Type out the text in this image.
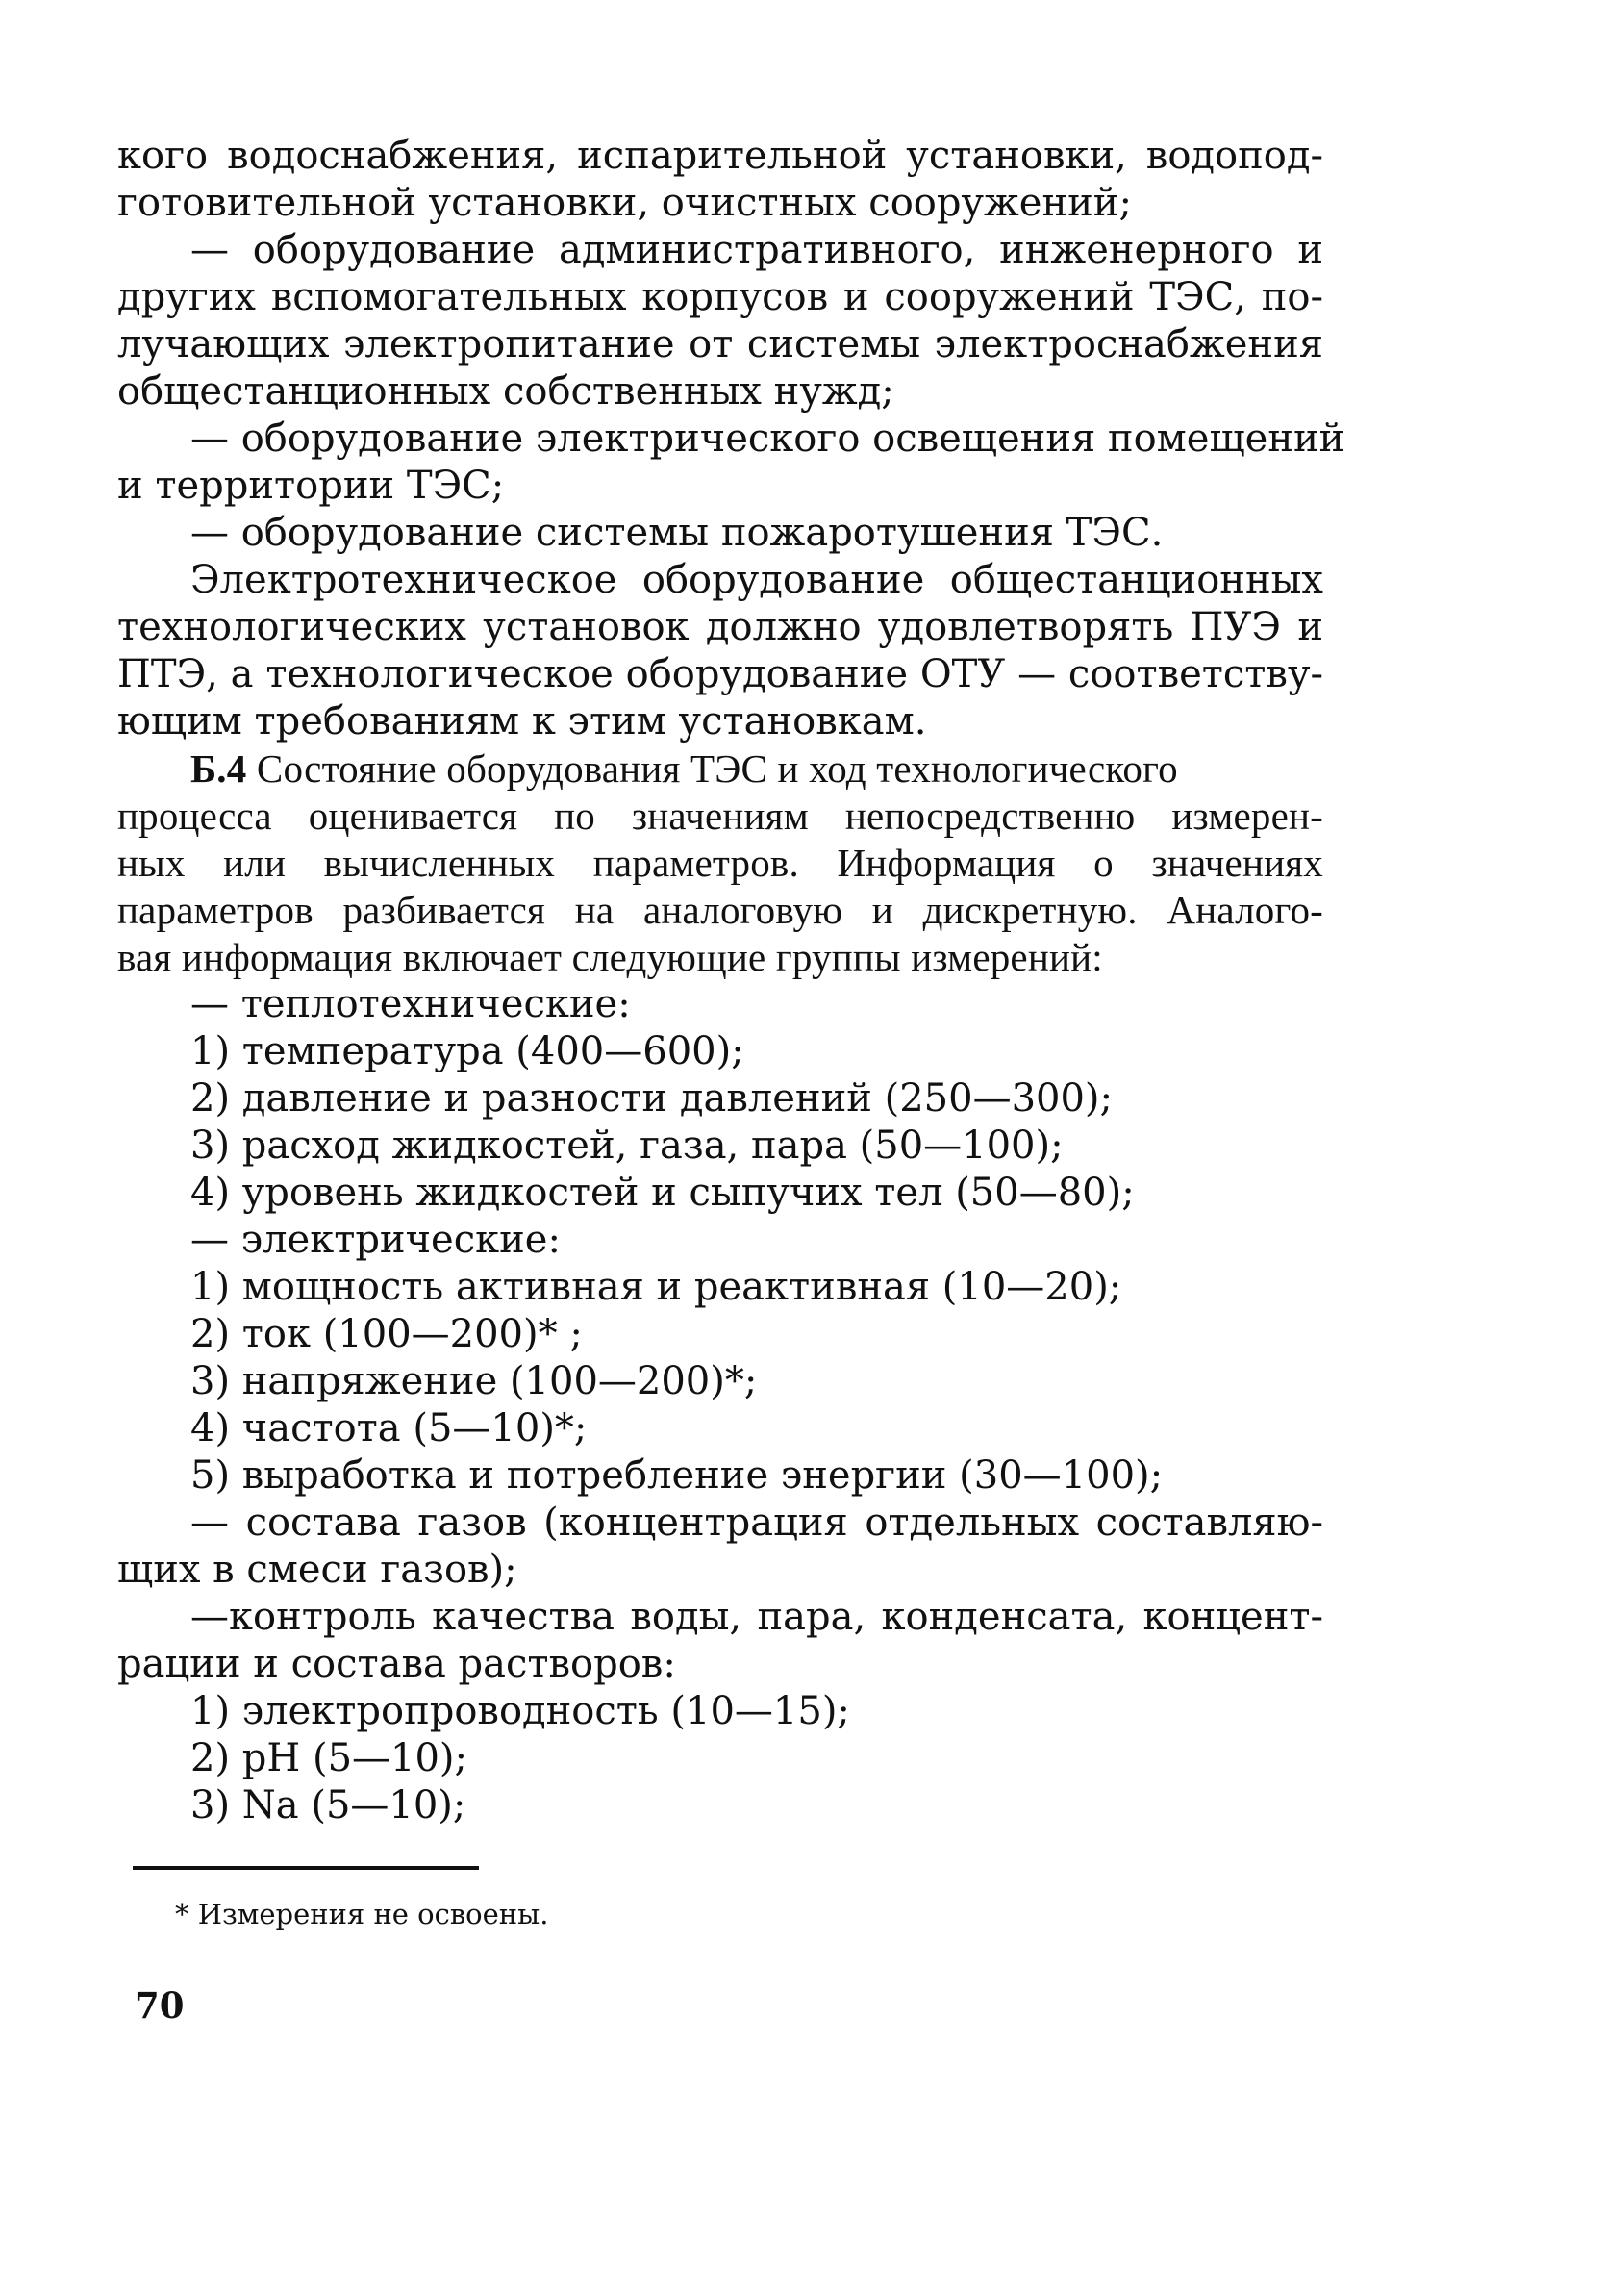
кого водоснабжения, испарительной установки, водопод-
готовительной установки, очистных сооружений;
— оборудование административного, инженерного и
других вспомогательных корпусов и сооружений ТЭС, по-
лучающих электропитание от системы электроснабжения
общестанционных собственных нужд;
— оборудование электрического освещения помещений
и территории ТЭС;
— оборудование системы пожаротушения ТЭС.
Электротехническое оборудование общестанционных
технологических установок должно удовлетворять ПУЭ и
ПТЭ, а технологическое оборудование ОТУ — соответству-
ющим требованиям к этим установкам.
Б.4 Состояние оборудования ТЭС и ход технологического
процесса оценивается по значениям непосредственно измерен-
ных или вычисленных параметров. Информация о значениях
параметров разбивается на аналоговую и дискретную. Аналого-
вая информация включает следующие группы измерений:
— теплотехнические:
1) температура (400—600);
2) давление и разности давлений (250—300);
3) расход жидкостей, газа, пара (50—100);
4) уровень жидкостей и сыпучих тел (50—80);
— электрические:
1) мощность активная и реактивная (10—20);
2) ток (100—200)* ;
3) напряжение (100—200)*;
4) частота (5—10)*;
5) выработка и потребление энергии (30—100);
— состава газов (концентрация отдельных составляю-
щих в смеси газов);
—контроль качества воды, пара, конденсата, концент-
рации и состава растворов:
1) электропроводность (10—15);
2) pH (5—10);
3) Na (5—10);
* Измерения не освоены.
70
